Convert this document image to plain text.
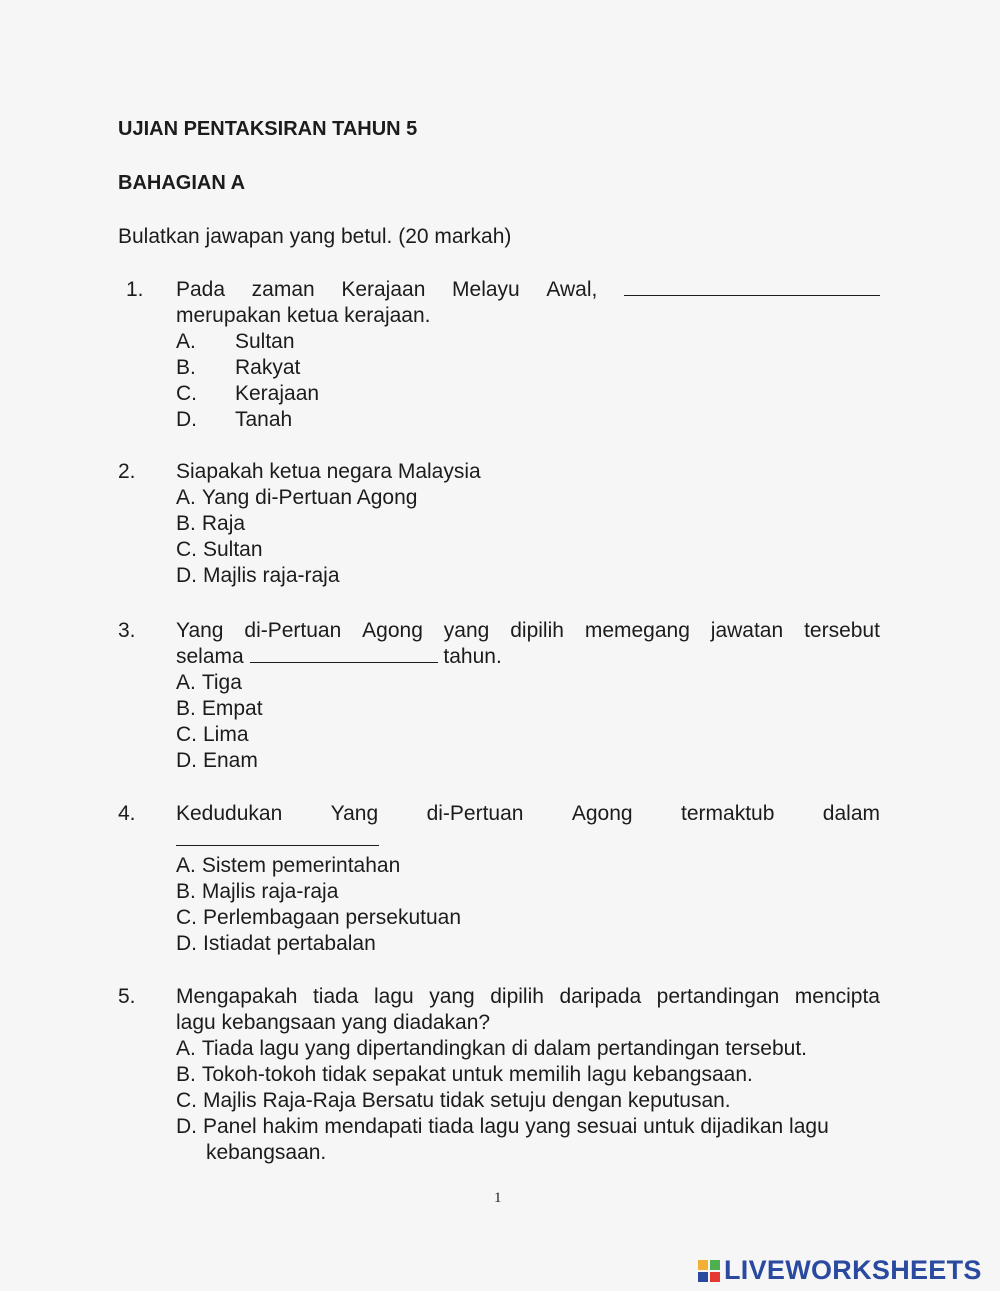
UJIAN PENTAKSIRAN TAHUN 5
BAHAGIAN A
Bulatkan jawapan yang betul. (20 markah)
1. Pada zaman Kerajaan Melayu Awal,
merupakan ketua kerajaan.
A.	Sultan
B.	Rakyat
C.	Kerajaan
D.	Tanah
2. Siapakah ketua negara Malaysia
A. Yang di-Pertuan Agong
B. Raja
C. Sultan
D. Majlis raja-raja
3. Yang di-Pertuan Agong yang dipilih memegang jawatan tersebut
selama	tahun.
A. Tiga
B. Empat
C. Lima
D. Enam
4. Kedudukan Yang di-Pertuan Agong termaktub dalam
A. Sistem pemerintahan
B. Majlis raja-raja
C. Perlembagaan persekutuan
D. Istiadat pertabalan
5. Mengapakah tiada lagu yang dipilih daripada pertandingan mencipta
lagu kebangsaan yang diadakan?
A. Tiada lagu yang dipertandingkan di dalam pertandingan tersebut.
B. Tokoh-tokoh tidak sepakat untuk memilih lagu kebangsaan.
C. Majlis Raja-Raja Bersatu tidak setuju dengan keputusan.
D. Panel hakim mendapati tiada lagu yang sesuai untuk dijadikan lagu
kebangsaan.
1
LIVEWORKSHEETS
